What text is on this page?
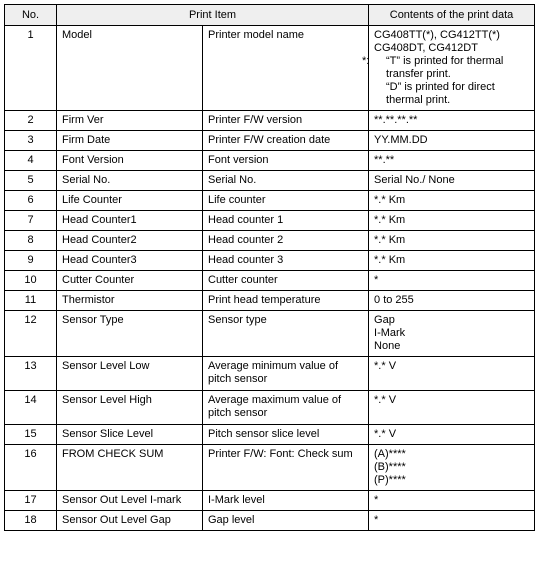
No.	Print Item		Contents of the print data
1	Model	Printer model name	CG408TT(*), CG412TT(*)
CG408DT, CG412DT
*: “T” is printed for thermal transfer print.
“D” is printed for direct thermal print.

2	Firm Ver	Printer F/W version	**.**.**.**

3	Firm Date	Printer F/W creation date	YY.MM.DD

4	Font Version	Font version	**.**

5	Serial No.	Serial No.	Serial No./ None

6	Life Counter	Life counter	*.* Km

7	Head Counter1	Head counter 1	*.* Km

8	Head Counter2	Head counter 2	*.* Km

9	Head Counter3	Head counter 3	*.* Km

10	Cutter Counter	Cutter counter	*

11	Thermistor	Print head temperature	0 to 255

12	Sensor Type	Sensor type	Gap
I-Mark
None

13	Sensor Level Low	Average minimum value of pitch sensor	*.* V

14	Sensor Level High	Average maximum value of pitch sensor	*.* V

15	Sensor Slice Level	Pitch sensor slice level	*.* V

16	FROM CHECK SUM	Printer F/W: Font: Check sum	(A)****
(B)****
(P)****

17	Sensor Out Level I-mark	I-Mark level	*

18	Sensor Out Level Gap	Gap level	*
